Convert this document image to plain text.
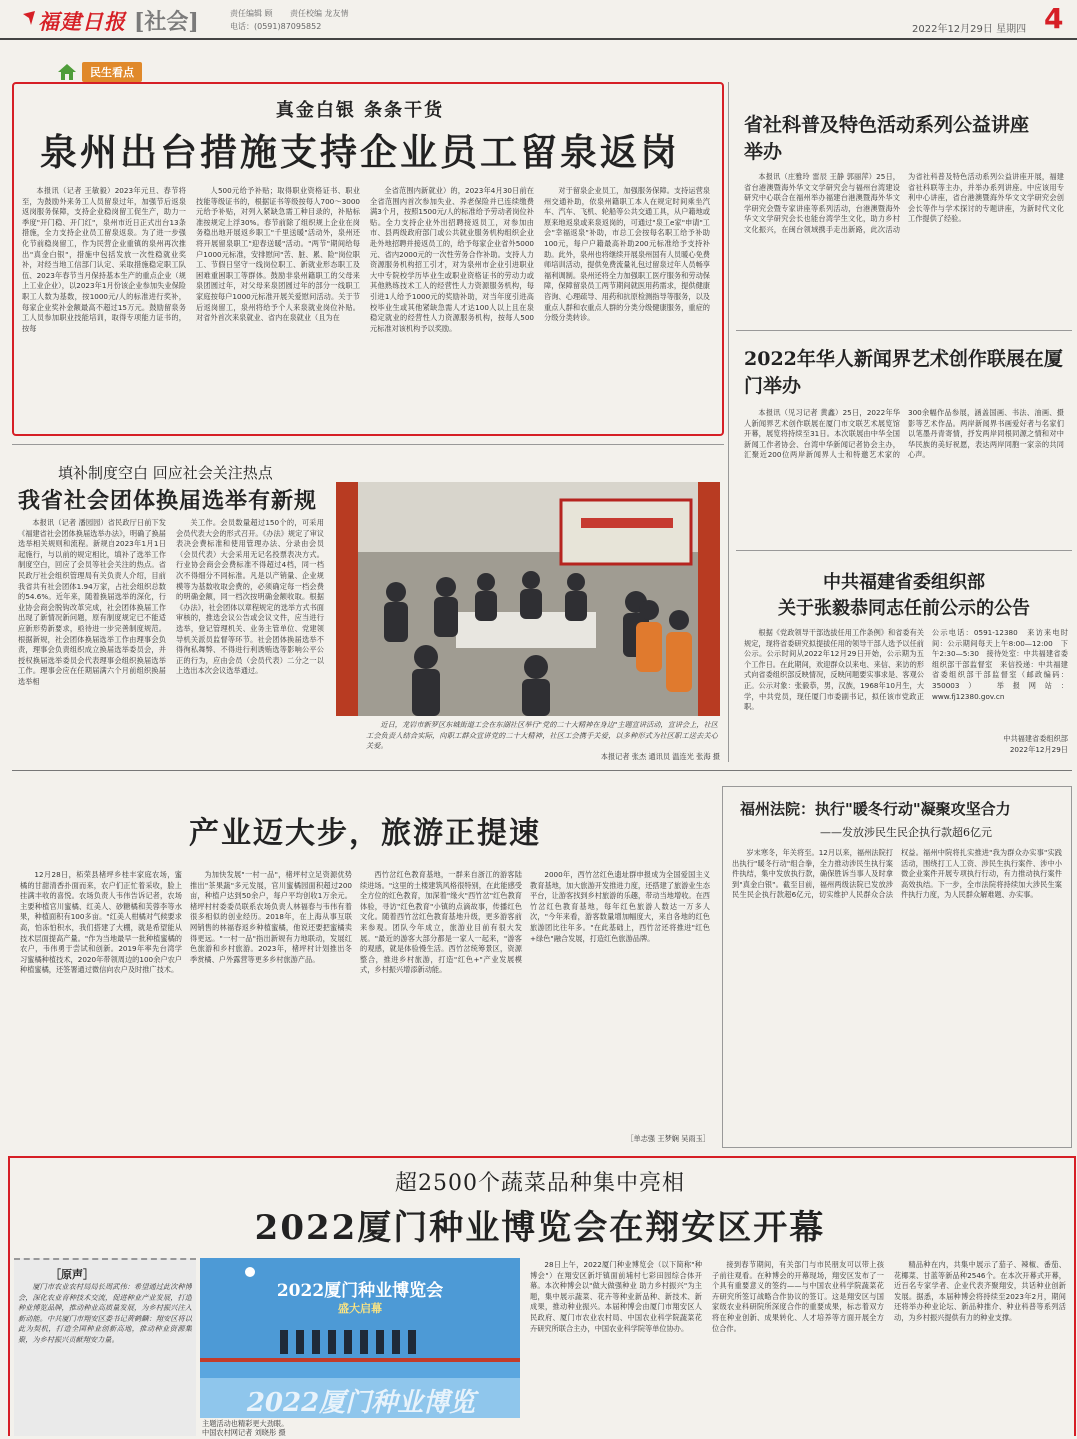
福建日报 [社会]	责任编辑 顾 责任校编 龙友情
电话：(0591)87095852	2022年12月29日 星期四 4
民生看点
真金白银 条条干货
泉州出台措施支持企业员工留泉返岗

本报讯（记者 王敏毅）2023年元旦、春节将至，为鼓励外来务工人员留泉过年，加强节后返泉返岗服务保障，支持企业稳岗留工促生产，助力一季度"开门稳、开门红"，泉州市近日正式出台13条措施，全力支持企业员工留泉返泉。为了进一步强化节前稳岗留工，作为民营企业重镇的泉州再次推出"真金白银"，措施中包括发放一次性稳就业奖补，对经当地工信部门认定、采取措施稳定职工队伍、2023年春节当月保持基本生产的重点企业（规上工业企业），以2023年1月份该企业参加失业保险职工人数为基数，按1000元/人的标准进行奖补，每家企业奖补金额最高不超过15万元。鼓励留泉务工人员参加职业技能培训，取得专项能力证书的，按每

人500元给予补贴；取得职业资格证书、职业技能等级证书的，根据证书等级按每人700～3000元给予补贴，对列入紧缺急需工种目录的，补贴标准按规定上浮30%。春节前除了组织规上企业在岗务稳出地开展返乡职工"千里送暖"活动外，泉州还将开展留泉职工"迎春送暖"活动。"两节"期间给每户1000元标准，安排慰问"苦、脏、累、险"岗位职工、节假日坚守一线岗位职工、新就业形态职工及困难重困职工等群体。鼓励非泉州籍职工的父母来泉团圆过年，对父母来泉团圆过年的部分一线职工家庭按每户1000元标准开展关爱慰问活动。关于节后返岗留工，泉州将给予个人来泉就业岗位补贴。对省外首次来泉就业、省内在泉就业（且为在

全省范围内新就业）的，2023年4月30日前在全省范围内首次参加失业、养老保险并已连续缴费满3个月，按照1500元/人的标准给予劳动者岗位补贴。全力支持企业外出招聘接返员工，对参加由市、县两级政府部门或公共就业服务机构组织企业赴外地招聘并接返员工的，给予每家企业省外5000元、省内2000元的一次性劳务合作补助。支持人力资源服务机构招工引才，对为泉州市企业引进职业大中专院校学历毕业生或职业资格证书的劳动力或其他熟练技术工人的经营性人力资源服务机构，每引进1人给予1000元的奖励补助，对当年度引进高校毕业生或其他紧缺急需人才达100人以上且在泉稳定就业的经营性人力资源服务机构，按每人500元标准对该机构予以奖励。

对于留泉企业员工，加强服务保障。支持运营泉州交通补助，依泉州籍职工本人在规定时间乘坐汽车、汽车、飞机、轮船等公共交通工具，从户籍地或原来地返泉或来泉返岗的，可通过"泉工e家"申请"工会"幸福返泉"补助，市总工会按每名职工给予补助100元，每户户籍最高补助200元标准给予支持补助。此外，泉州也将继续开展泉州国有人员暖心免费师培训活动，提供免费流量礼包过留泉过年人员畅享福利调制。泉州还将全力加强职工医疗服务和劳动保障，保障留泉员工两节期间就医用药需求，提供健康咨询、心理疏导、用药和抗原检测指导等服务，以及重点人群和农重点人群的分类分级健康服务，重症的分级分类转诊。

省社科普及特色活动系列公益讲座举办

本报讯（庄雅玲 雷辰 王静 郭丽萍）25日，省台港澳暨海外华文文学研究会与福州台湾建设研究中心联合在福州举办福建台港澳暨海外华文学研究会暨专家讲座等系列活动，台港澳暨海外华文文学研究会长也能台湾学生文化，助力乡村文化振兴，在闽台领域携手走出新路，此次活动为省社科普及特色活动系列公益讲座开展，福建省社科联等主办，并举办系列讲座。中应该用专利中心讲座，省台港澳暨海外华文文学研究会创会长等作与学术探讨的专题讲座，为新时代文化工作提供了经验。

2022年华人新闻界艺术创作联展在厦门举办

本报讯（见习记者 黄鑫）25日，2022年华人新闻界艺术创作联展在厦门市文联艺术展览馆开幕，展览将持续至31日。本次联展由中华全国新闻工作者协会、台湾中华新闻记者协会主办，汇聚近200位两岸新闻界人士和特邀艺术家的300余幅作品参展，涵盖国画、书法、油画、摄影等艺术作品。两岸新闻界书画爱好者与名家们以笔墨丹青寄情，抒发两岸同根同源之情和对中华民族的美好祝愿，表达两岸同胞一家亲的共同心声。

中共福建省委组织部
关于张毅恭同志任前公示的公告

根据《党政领导干部选拔任用工作条例》和省委有关规定，现将省委研究拟提拔任用的领导干部人选予以任前公示。公示时间从2022年12月29日开始，公示期为五个工作日。在此期间，欢迎群众以来电、来信、来访的形式向省委组织部反映情况，反映问题要实事求是、客观公正。公示对象：张毅恭，男，汉族，1968年10月生，大学，中共党员，现任厦门市委副书记，拟任该市党政正职。

公示电话：0591-12380　来访来电时间：公示期间每天上午8:00—12:00　下午2:30—5:30　接待处室：中共福建省委组织部干部监督室　来信投递：中共福建省委组织部干部监督室（邮政编码：350003）　举报网站：www.fj12380.gov.cn

中共福建省委组织部
2022年12月29日
填补制度空白 回应社会关注热点
我省社会团体换届选举有新规

本报讯（记者 潘园园）省民政厅日前下发《福建省社会团体换届选举办法》，明确了换届选举相关规则和流程。新规自2023年1月1日起施行，与以前的规定相比，填补了选举工作制度空白，回应了会员等社会关注的热点。省民政厅社会组织管理局有关负责人介绍，目前我省共有社会团体1.94万家，占社会组织总数的54.6%。近年来，随着换届选举的深化，行业协会商会脱钩改革完成，社会团体换届工作出现了新情况新问题，原有制度规定已不能适应新形势新要求，亟待进一步完善制度规范。根据新规，社会团体换届选举工作由理事会负责，理事会负责组织成立换届选举委员会，并授权换届选举委员会代表理事会组织换届选举工作。理事会应在任期届满六个月前组织换届选举相

关工作。会员数量超过150个的，可采用会员代表大会的形式召开。《办法》规定了审议表决会费标准和使用管理办法、分录由会员（会员代表）大会采用无记名投票表决方式。行业协会商会会费标准不得超过4档，同一档次不得细分不同标准。凡是以产销量、企业规模等为基数收取会费的，必须确定每一档会费的明确金额，同一档次按明确金额收取。根据《办法》，社会团体以章程规定的选举方式书面审核的，推选会议公告或会议文件，应当进行选举，登记管理机关、业务主管单位、党建领导机关派员监督等环节。社会团体换届选举不得徇私舞弊、不得进行利诱贿选等影响公平公正的行为，应由会员（会员代表）二分之一以上选出本次会议选举通过。

近日，龙岩市新罗区东城街道工会在东湖社区举行"党的二十大精神在身边"主题宣讲活动，宣讲会上，社区工会负责人结合实际，向职工群众宣讲党的二十大精神，社区工会携手关爱，以多种形式为社区职工送去关心关爱。

本报记者 张杰 通讯员 温连光 张海 摄
产业迈大步，旅游正提速

12月28日，柘荣县楮坪乡桂丰家庭农场，蜜橘的甘甜清香扑面而来，农户们正忙着采收，脸上挂满丰收的喜悦。农场负责人韦伟告诉记者，农场主要种植官川蜜橘、红美人、砂糖橘和芙蓉李等水果，种植面积有100多亩。"红美人柑橘对气候要求高，怕冻怕积水，我们搭建了大棚，就是希望能从技术层面提高产量。"作为当地最早一批种植蜜橘的农户，韦伟勇于尝试和创新。2019年率先台湾学习蜜橘种植技术，2020年带领周边的100余户农户种植蜜橘，还签署通过微信向农户及时推广技术。

为加快发展"一村一品"，楮坪村立足资源优势推出"茶果蔬"多元发展，官川蜜橘园面积超过200亩，种植户达到50余户，每户平均创收1万余元。楮坪村村委委员联系农场负责人林福春与韦伟有着很多相似的创业经历。2018年，在上海从事互联网销售的林福春返乡种植蜜橘，他说还要把蜜橘卖得更远。"一村一品"指出新规有力地联动，发展红色旅游和乡村旅游。2023年，楮坪村计划推出冬季赏橘、户外露营等更多乡村旅游产品。

西竹岔红色教育基地，一群来自浙江的游客陆续进场。"这里的土楼建筑风格很特别，在此能感受全方位的红色教育，加深着"缘火"西竹岔"红色教育体验，寻访"红色教育"小镇的点滴故事，传播红色文化。随着西竹岔红色教育基地升级，更多游客前来参观。团队今年成立，旅游业目前有很大发展。"最近的游客大部分都是一家人一起来，"游客的观感，就是体验慢生活。西竹岔统筹景区，资源整合，推进乡村旅游，打造"红色+"产业发展模式，乡村振兴增添新动能。

2000年，西竹岔红色遗址群申报成为全国爱国主义教育基地，加大旅游开发推进力度，还搭建了旅游业生态平台，让游客找到乡村旅游的乐趣，带动当地增收。在西竹岔红色教育基地，每年红色旅游人数达一万多人次，"今年来看，游客数量增加幅度大，来自各地的红色旅游团比往年多。"在此基础上，西竹岔还将推进"红色+绿色"融合发展，打造红色旅游品牌。

［单志强 王梦娴 吴雨玉］
福州法院：执行"暖冬行动"凝聚攻坚合力
——发放涉民生民企执行款超6亿元

岁末寒冬，年关将至。12月以来，福州法院打出执行"暖冬行动"组合拳，全力推动涉民生执行案件执结，集中发放执行款，确保胜诉当事人及时拿到"真金白银"。截至目前，福州两级法院已发放涉民生民企执行款超6亿元，切实维护人民群众合法权益。福州中院将扎实推进"我为群众办实事"实践活动，围绕打工人工资、涉民生执行案件、涉中小微企业案件开展专项执行行动，有力推动执行案件高效执结。下一步，全市法院将持续加大涉民生案件执行力度，为人民群众解难题、办实事。

超2500个蔬菜品种集中亮相
2022厦门种业博览会在翔安区开幕
［原声］

厦门市农业农村局局长周武伟：希望通过此次种博会，深化农业育种技术交流，促进种业产业发展，打造种业博览品牌，推动种业高质量发展，为乡村振兴注入新动能。中共厦门市翔安区委书记黄鹤麟：翔安区将以此为契机，打造全国种业创新高地，推动种业资源集聚，为乡村振兴贡献翔安力量。

2022厦门种业博览会
盛大启幕
2022厦门种业博览
主题活动也精彩更大劲眼。
中国农村网记者 刘晓彤 摄

28日上午，2022厦门种业博览会（以下简称"种博会"）在翔安区新圩镇面前埔村七彩田园综合体开幕。本次种博会以"做大做强种业 助力乡村振兴"为主题，集中展示蔬菜、花卉等种业新品种、新技术、新成果，推动种业振兴。本届种博会由厦门市翔安区人民政府、厦门市农业农村局、中国农业科学院蔬菜花卉研究所联合主办，中国农业科学院等单位协办。

接到春节期间，有关部门与市民朋友可以带上孩子前往观看。在种博会的开幕现场，翔安区发布了一个具有重要意义的签约——与中国农业科学院蔬菜花卉研究所签订战略合作协议的签订。这是翔安区与国家级农业科研院所深度合作的重要成果，标志着双方将在种业创新、成果转化、人才培养等方面开展全方位合作。

精品种在内，共集中展示了茄子、辣椒、番茄、花椰菜、甘蓝等新品种2546个。在本次开幕式开幕，近百名专家学者、企业代表齐聚翔安，共话种业创新发展。据悉，本届种博会将持续至2023年2月，期间还将举办种业论坛、新品种推介、种业科普等系列活动，为乡村振兴提供有力的种业支撑。
